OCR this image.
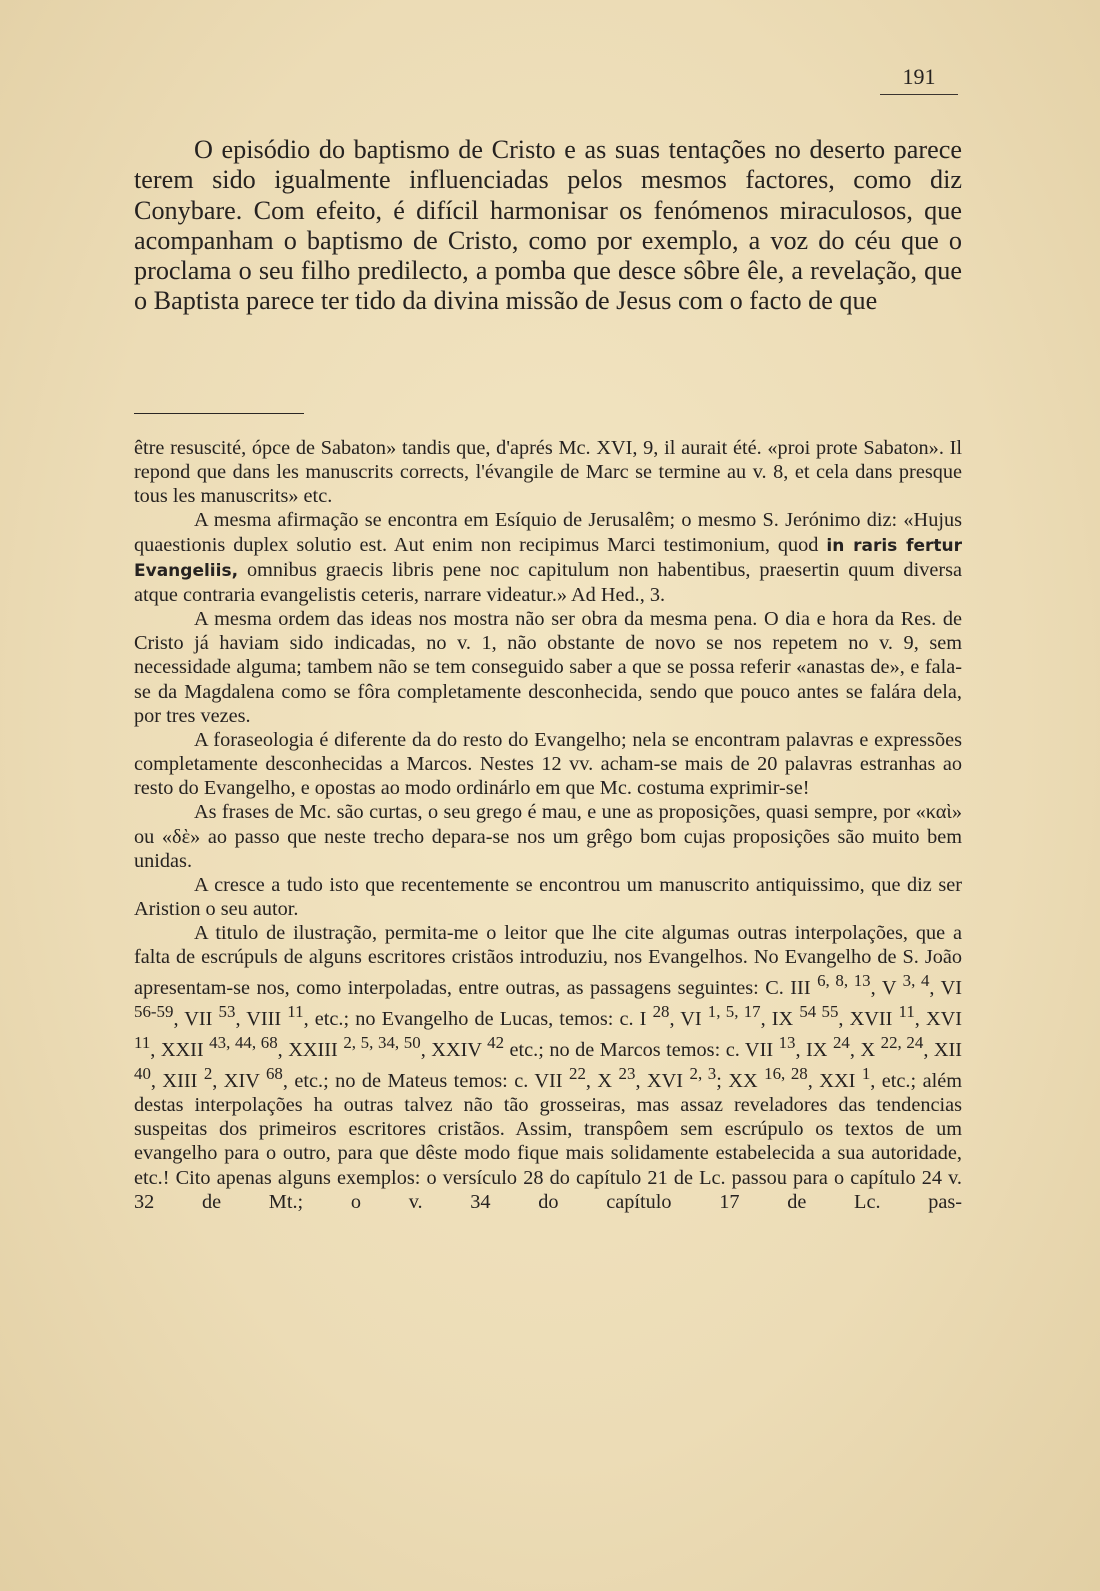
191

O episódio do baptismo de Cristo e as suas tentações no deserto parece terem sido igualmente influenciadas pelos mesmos factores, como diz Conybare. Com efeito, é difícil harmonisar os fenómenos miraculosos, que acompanham o baptismo de Cristo, como por exemplo, a voz do céu que o proclama o seu filho predilecto, a pomba que desce sôbre êle, a revelação, que o Baptista parece ter tido da divina missão de Jesus com o facto de que

être resuscité, ópce de Sabaton» tandis que, d'aprés Mc. XVI, 9, il aurait été. «proi prote Sabaton». Il repond que dans les manuscrits corrects, l'évangile de Marc se termine au v. 8, et cela dans presque tous les manuscrits» etc.

A mesma afirmação se encontra em Esíquio de Jerusalêm; o mesmo S. Jerónimo diz: «Hujus quaestionis duplex solutio est. Aut enim non recipimus Marci testimonium, quod in raris fertur Evangeliis, omnibus graecis libris pene noc capitulum non habentibus, praesertin quum diversa atque contraria evangelistis ceteris, narrare videatur.» Ad Hed., 3.

A mesma ordem das ideas nos mostra não ser obra da mesma pena. O dia e hora da Res. de Cristo já haviam sido indicadas, no v. 1, não obstante de novo se nos repetem no v. 9, sem necessidade alguma; tambem não se tem conseguido saber a que se possa referir «anastas de», e fala-se da Magdalena como se fôra completamente desconhecida, sendo que pouco antes se falára dela, por tres vezes.

A foraseologia é diferente da do resto do Evangelho; nela se encontram palavras e expressões completamente desconhecidas a Marcos. Nestes 12 vv. acham-se mais de 20 palavras estranhas ao resto do Evangelho, e opostas ao modo ordinárlo em que Mc. costuma exprimir-se!

As frases de Mc. são curtas, o seu grego é mau, e une as proposições, quasi sempre, por «καὶ» ou «δὲ» ao passo que neste trecho depara-se nos um grêgo bom cujas proposições são muito bem unidas.

A cresce a tudo isto que recentemente se encontrou um manuscrito antiquissimo, que diz ser Aristion o seu autor.

A titulo de ilustração, permita-me o leitor que lhe cite algumas outras interpolações, que a falta de escrúpuls de alguns escritores cristãos introduziu, nos Evangelhos. No Evangelho de S. João apresentam-se nos, como interpoladas, entre outras, as passagens seguintes: C. III $^{6, 8, 13}$, V $^{3, 4}$, VI $^{56-59}$, VII $^{53}$, VIII $^{11}$, etc.; no Evangelho de Lucas, temos: c. I $^{28}$, VI $^{1, 5, 17}$, IX $^{54 55}$, XVII $^{11}$, XVI $^{11}$, XXII $^{43, 44, 68}$, XXIII $^{2, 5, 34, 50}$, XXIV $^{42}$ etc.; no de Marcos temos: c. VII $^{13}$, IX $^{24}$, X $^{22, 24}$, XII $^{40}$, XIII $^2$, XIV $^{68}$, etc.; no de Mateus temos: c. VII $^{22}$, X $^{23}$, XVI $^{2, 3}$; XX $^{16, 28}$, XXI $^1$, etc.; além destas interpolações ha outras talvez não tão grosseiras, mas assaz reveladores das tendencias suspeitas dos primeiros escritores cristãos. Assim, transpôem sem escrúpulo os textos de um evangelho para o outro, para que dêste modo fique mais solidamente estabelecida a sua autoridade, etc.! Cito apenas alguns exemplos: o versículo 28 do capítulo 21 de Lc. passou para o capítulo 24 v. 32 de Mt.; o v. 34 do capítulo 17 de Lc. pas-
